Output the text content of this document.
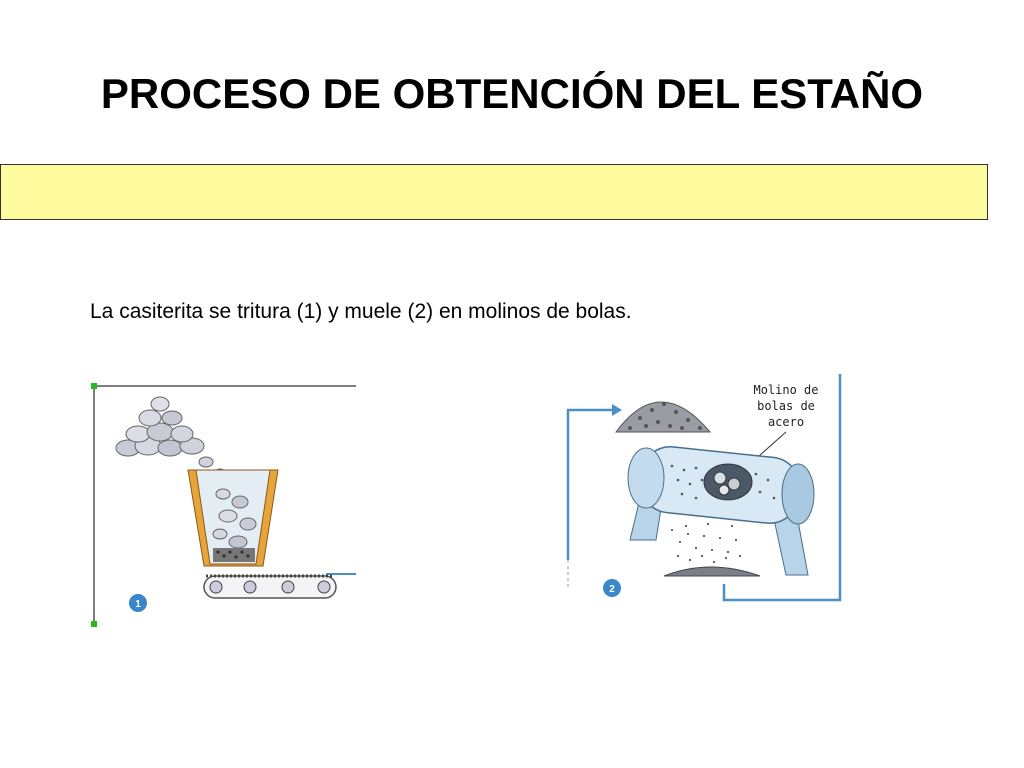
PROCESO DE OBTENCIÓN DEL ESTAÑO
La casiterita se tritura (1) y muele (2) en molinos de bolas.
1
Molino de
bolas de
acero
2
